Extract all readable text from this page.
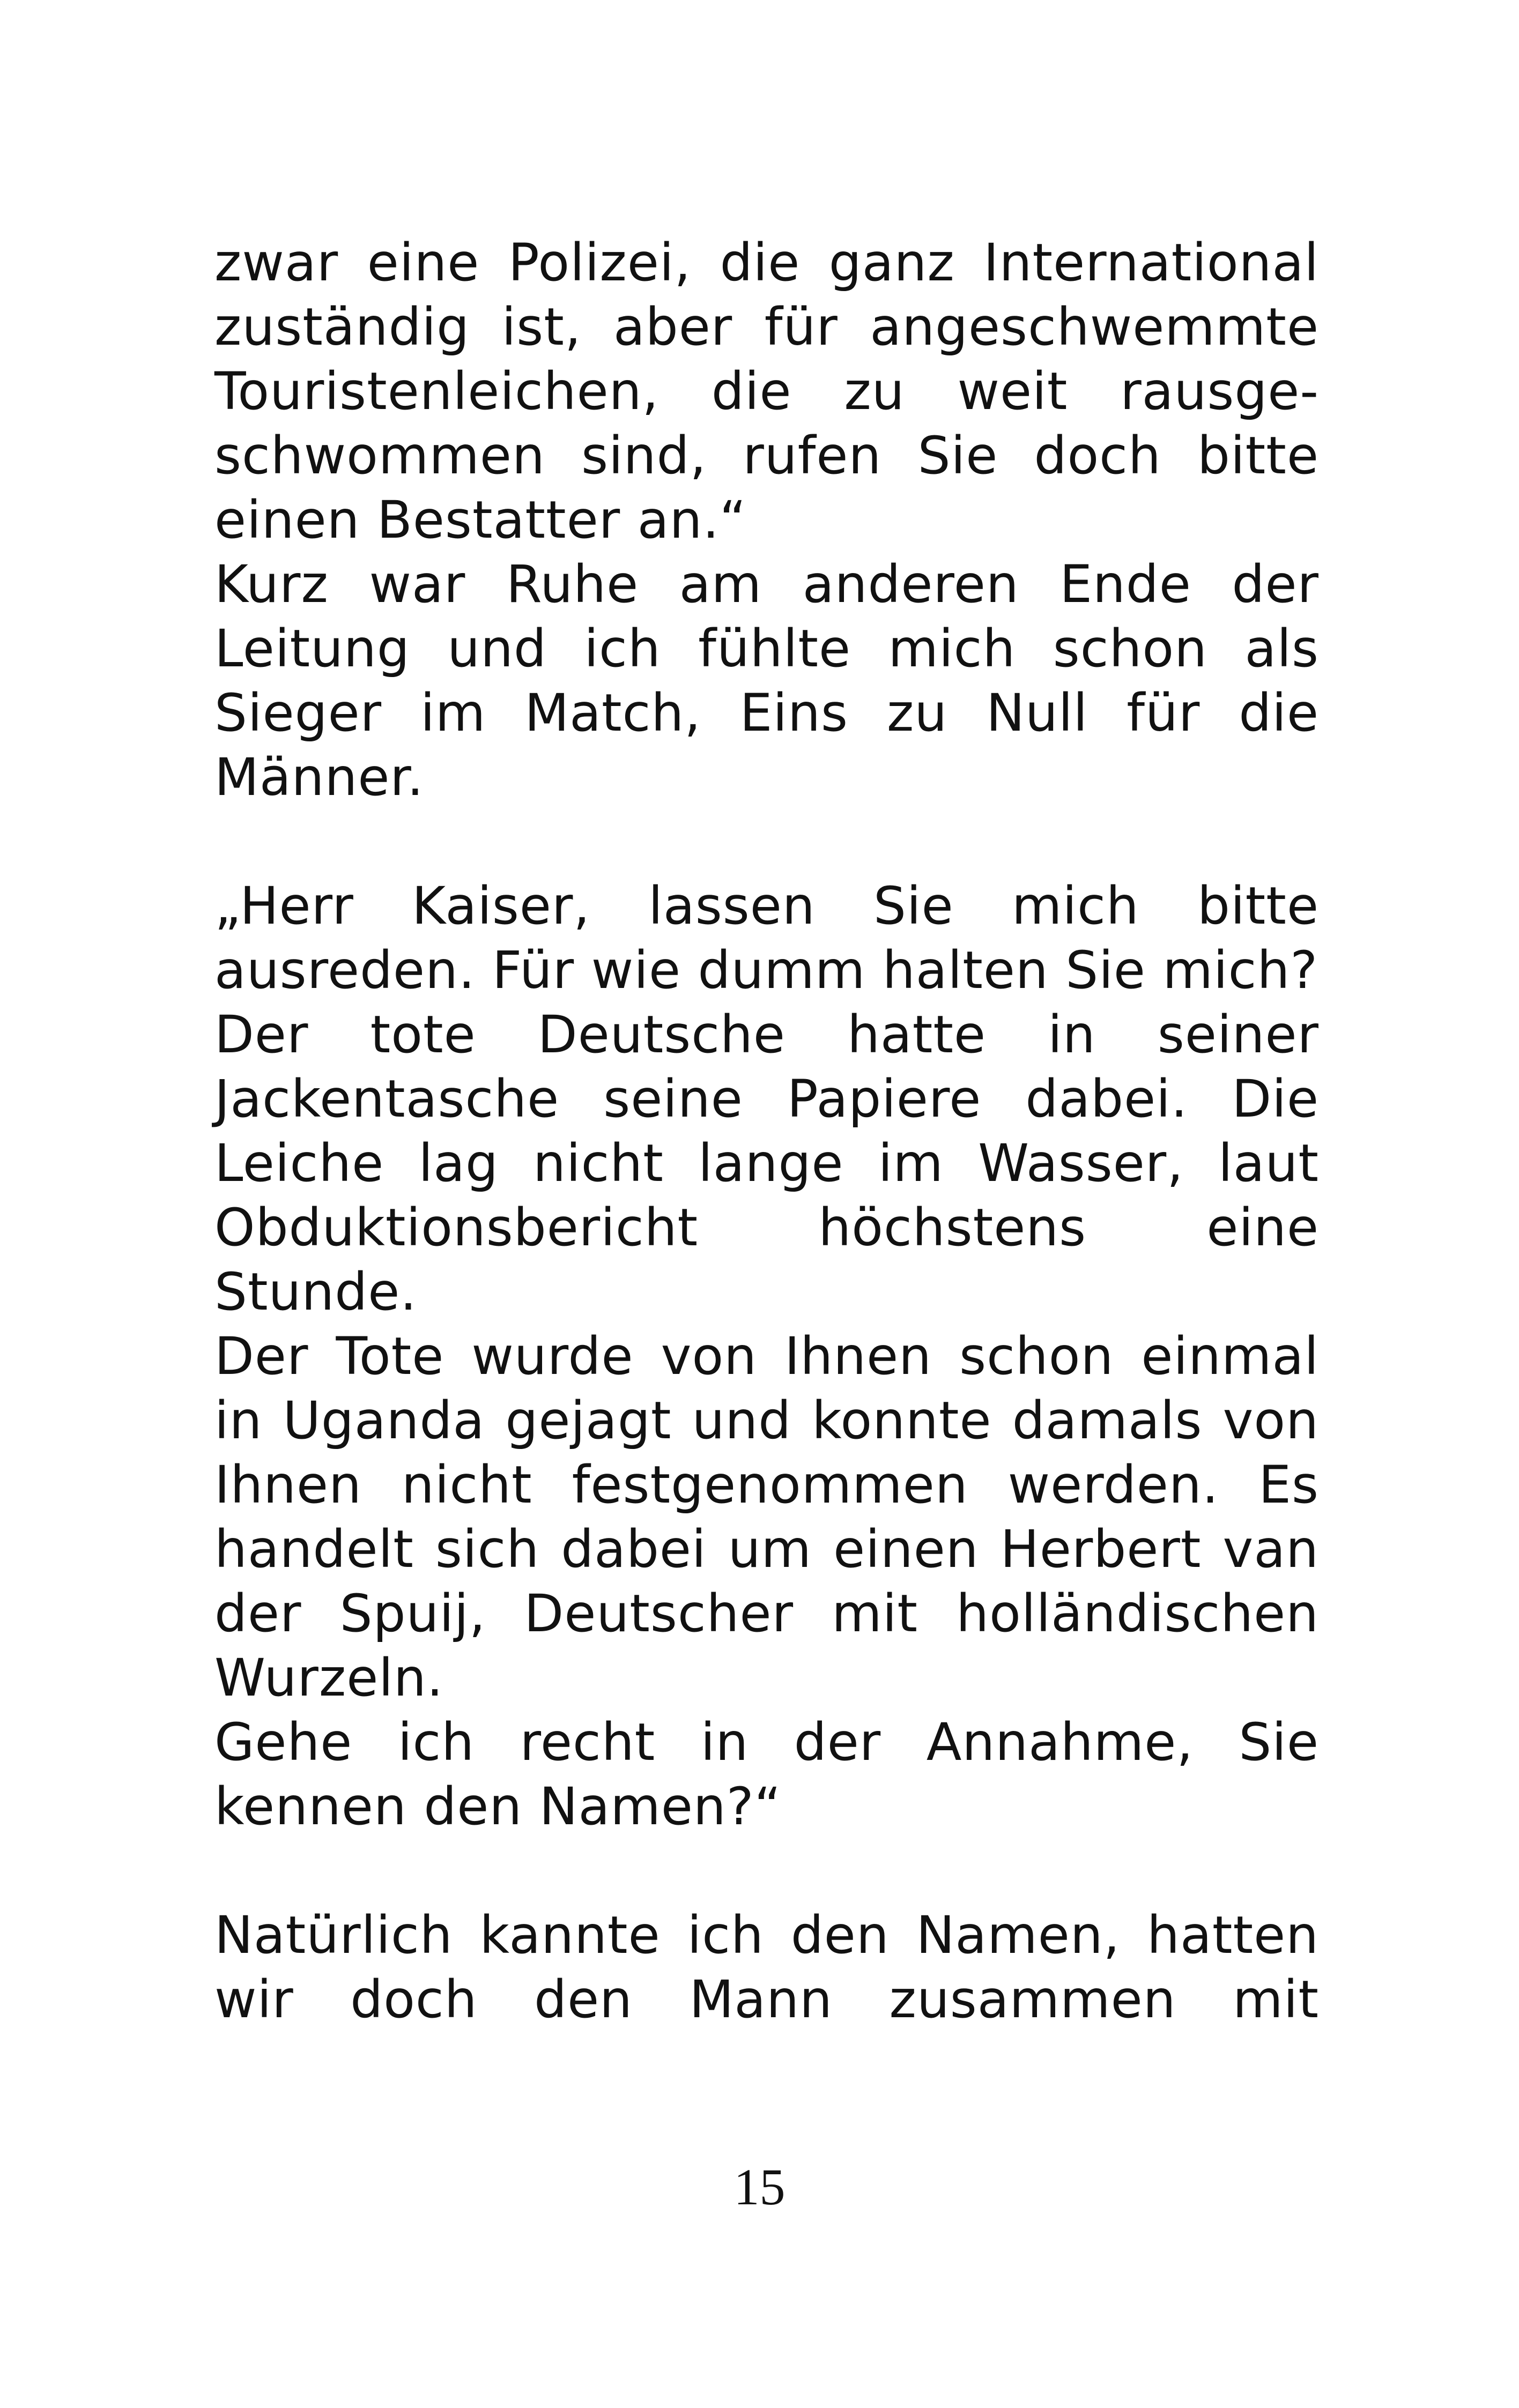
zwar eine Polizei, die ganz International zuständig ist, aber für angeschwemmte Touristenleichen, die zu weit rausge-schwommen sind, rufen Sie doch bitte einen Bestatter an.“

Kurz war Ruhe am anderen Ende der Leitung und ich fühlte mich schon als Sieger im Match, Eins zu Null für die Männer.

„Herr Kaiser, lassen Sie mich bitte ausreden. Für wie dumm halten Sie mich?

Der tote Deutsche hatte in seiner Jackentasche seine Papiere dabei. Die Leiche lag nicht lange im Wasser, laut Obduktionsbericht höchstens eine Stunde.

Der Tote wurde von Ihnen schon einmal in Uganda gejagt und konnte damals von Ihnen nicht festgenommen werden. Es handelt sich dabei um einen Herbert van der Spuij, Deutscher mit holländischen Wurzeln.

Gehe ich recht in der Annahme, Sie kennen den Namen?“

Natürlich kannte ich den Namen, hatten wir doch den Mann zusammen mit

15
